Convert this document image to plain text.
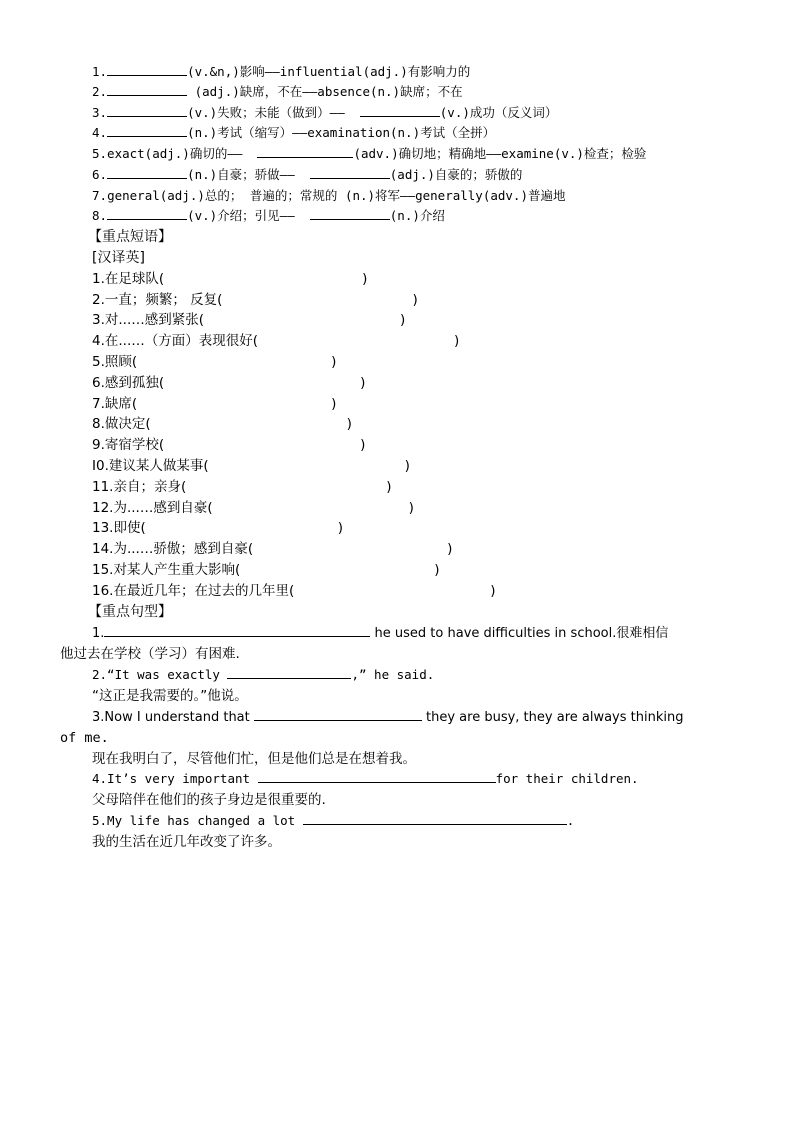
1.	(v.&n,)影响——influential(adj.)有影响力的
2.	(adj.)缺席，不在——absence(n.)缺席；不在
3.	(v.)失败；未能（做到）——	(v.)成功（反义词）
4.	(n.)考试（缩写）——examination(n.)考试（全拼）
5.exact(adj.)确切的——	(adv.)确切地；精确地——examine(v.)检查；检验
6.	(n.)自豪；骄做——	(adj.)自豪的；骄傲的
7.general(adj.)总的； 普遍的；常规的 (n.)将军——generally(adv.)普遍地
8.	(v.)介绍；引见——	(n.)介绍
【重点短语】
[汉译英]
1.在足球队(	)
2.一直；频繁； 反复(	)
3.对...…感到紧张(	)
4.在...…（方面）表现很好(	)
5.照顾(	)
6.感到孤独(	)
7.缺席(	)
8.做决定(	)
9.寄宿学校(	)
I0.建议某人做某事(	)
11.亲自；亲身(	)
12.为...…感到自豪(	)
13.即使(	)
14.为...…骄傲；感到自豪(	)
15.对某人产生重大影响(	)
16.在最近几年；在过去的几年里(	)
【重点句型】
1.	he used to have difficulties in school.很难相信
他过去在学校（学习）有困难.
2.“It was exactly	,” he said.
“这正是我需要的。”他说。
3.Now I understand that	they are busy, they are always thinking
of me.
现在我明白了，尽管他们忙，但是他们总是在想着我。
4.It’s very important	for their children.
父母陪伴在他们的孩子身边是很重要的.
5.My life has changed a lot	.
我的生活在近几年改变了许多。
